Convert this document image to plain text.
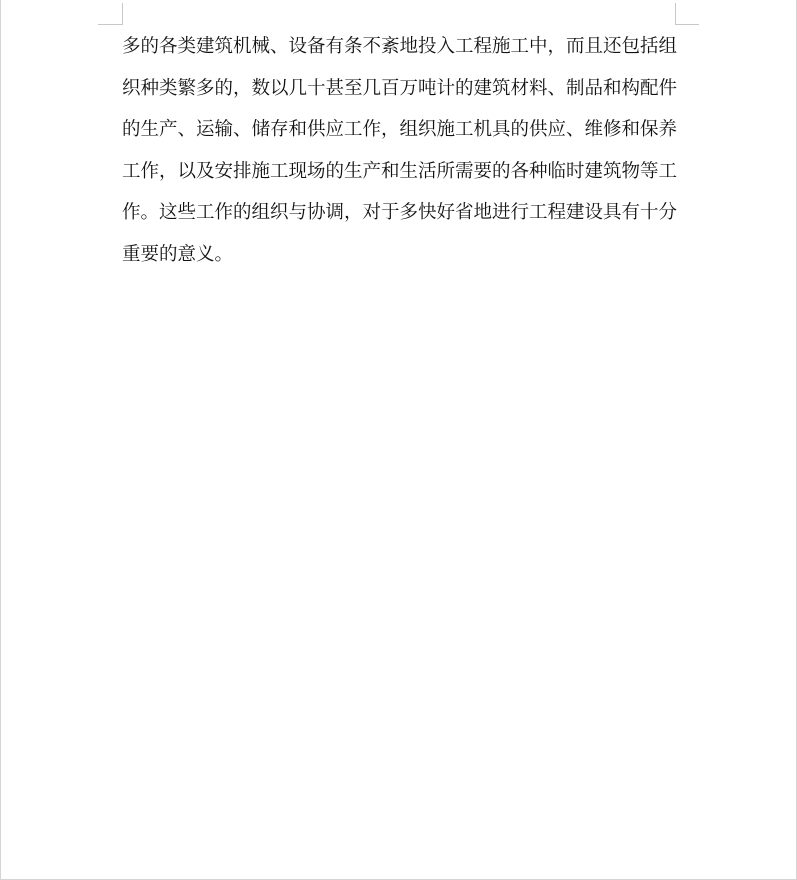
多的各类建筑机械、设备有条不紊地投入工程施工中，而且还包括组
织种类繁多的，数以几十甚至几百万吨计的建筑材料、制品和构配件
的生产、运输、储存和供应工作，组织施工机具的供应、维修和保养
工作，以及安排施工现场的生产和生活所需要的各种临时建筑物等工
作。这些工作的组织与协调，对于多快好省地进行工程建设具有十分
重要的意义。
